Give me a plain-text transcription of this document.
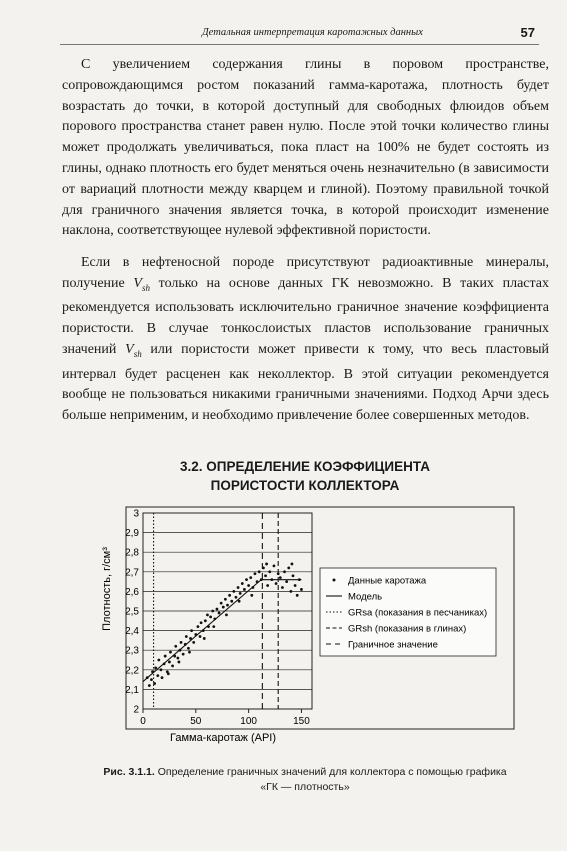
Детальная интерпретация каротажных данных	57

С увеличением содержания глины в поровом пространстве, сопровождающимся ростом показаний гамма-каротажа, плотность будет возрастать до точки, в которой доступный для свободных флюидов объем порового пространства станет равен нулю. После этой точки количество глины может продолжать увеличиваться, пока пласт на 100% не будет состоять из глины, однако плотность его будет меняться очень незначительно (в зависимости от вариаций плотности между кварцем и глиной). Поэтому правильной точкой для граничного значения является точка, в которой происходит изменение наклона, соответствующее нулевой эффективной пористости.

Если в нефтеносной породе присутствуют радиоактивные минералы, получение $V_{sh}$ только на основе данных ГК невозможно. В таких пластах рекомендуется использовать исключительно граничное значение коэффициента пористости. В случае тонкослоистых пластов использование граничных значений $V_{sh}$ или пористости может привести к тому, что весь пластовый интервал будет расценен как неколлектор. В этой ситуации рекомендуется вообще не пользоваться никакими граничными значениями. Подход Арчи здесь больше неприменим, и необходимо привлечение более совершенных методов.

3.2. ОПРЕДЕЛЕНИЕ КОЭФФИЦИЕНТА
ПОРИСТОСТИ КОЛЛЕКТОРА
2
2,1
2,2
2,3
2,4
2,5
2,6
2,7
2,8
2,9
3
0	50	100	150
Данные каротажа
Модель
GRsa (показания в песчаниках)
GRsh (показания в глинах)
Граничное значение
Плотность, г/см³
Гамма-каротаж (API)
Рис. 3.1.1. Определение граничных значений для коллектора с помощью графика «ГК — плотность»
